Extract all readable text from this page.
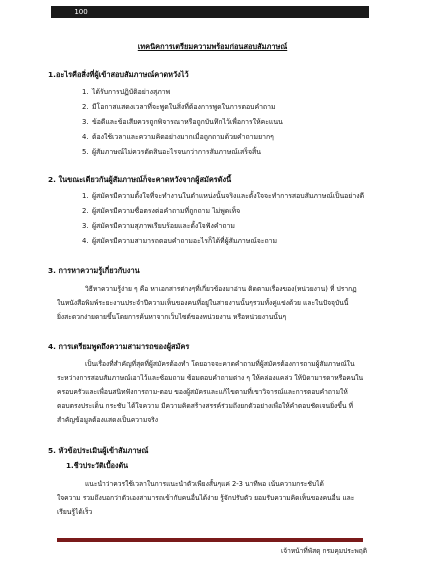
100
เทคนิคการเตรียมความพร้อมก่อนสอบสัมภาษณ์
1.อะไรคือสิ่งที่ผู้เข้าสอบสัมภาษณ์คาดหวังไว้
1. ได้รับการปฏิบัติอย่างสุภาพ
2. มีโอกาสแสดงเวลาที่จะพูดในสิ่งที่ต้องการพูดในการตอบคำถาม
3. ข้อดีและข้อเสียควรถูกพิจารณาหรือถูกบันทึกไว้เพื่อการให้คะแนน
4. ต้องใช้เวลาและความคิดอย่างมากเมื่อถูกถามด้วยคำถามยากๆ
5. ผู้สัมภาษณ์ไม่ควรตัดสินอะไรจนกว่าการสัมภาษณ์เสร็จสิ้น
2. ในขณะเดียวกันผู้สัมภาษณ์ก็จะคาดหวังจากผู้สมัครดังนี้
1. ผู้สมัครมีความตั้งใจที่จะทำงานในตำแหน่งนั้นจริงและตั้งใจจะทำการสอบสัมภาษณ์เป็นอย่างดี
2. ผู้สมัครมีความซื่อตรงต่อคำถามที่ถูกถาม ไม่พูดเท็จ
3. ผู้สมัครมีความสุภาพเรียบร้อยและตั้งใจฟังคำถาม
4. ผู้สมัครมีความสามารถตอบคำถามอะไรก็ได้ที่ผู้สัมภาษณ์จะถาม
3. การหาความรู้เกี่ยวกับงาน
วิธีหาความรู้ง่าย ๆ คือ หาเอกสารต่างๆที่เกี่ยวข้องมาอ่าน ติดตามเรื่องของ(หน่วยงาน) ที่ ปรากฏ
ในหนังสือพิมพ์ระยะงานประจำปีความเห็นของคนที่อยู่ในสายงานนั้นๆรวมทั้งคู่แข่งด้วย และในปัจจุบันนี้
ยิ่งสะดวกง่ายดายขึ้นโดยการค้นหาจากเว็บไซต์ของหน่วยงาน หรือหน่วยงานนั้นๆ
4. การเตรียมพูดถึงความสามารถของผู้สมัคร
เป็นเรื่องที่สำคัญที่สุดที่ผู้สมัครต้องทำ โดยอาจจะคาดคำถามที่ผู้สมัครต้องการถามผู้สัมภาษณ์ใน
ระหว่างการสอบสัมภาษณ์เอาไว้และซ้อมถาม ซ้อมตอบคำถามต่าง ๆ ให้คล่องแคล่ว ให้บิดามารดาหรือคนใน
ครอบครัวและเพื่อนสนิทฟังการถาม-ตอบ ของผู้สมัครและแก้ไขตามที่เขาวิจารณ์และการตอบคำถามให้
ตอบตรงประเด็น กระชับ ได้ใจความ มีความคิดสร้างสรรค์ร่วมถึงยกตัวอย่างเพื่อให้คำตอบชัดเจนยิ่งขึ้น ที่
สำคัญข้อมูลต้องแสดงเป็นความจริง
5. หัวข้อประเมินผู้เข้าสัมภาษณ์
1.ชีวประวัติเบื้องต้น
แนะนำว่าควรใช้เวลาในการแนะนำตัวเพียงสั้นๆแค่ 2-3 นาทีพอ เน้นความกระชับได้
ใจความ รวมถึงบอกว่าตัวเองสามารถเข้ากับคนอื่นได้ง่าย รู้จักปรับตัว ยอมรับความคิดเห็นของคนอื่น และ
เรียนรู้ได้เร็ว
เจ้าหน้าที่พัสดุ กรมคุมประพฤติ
